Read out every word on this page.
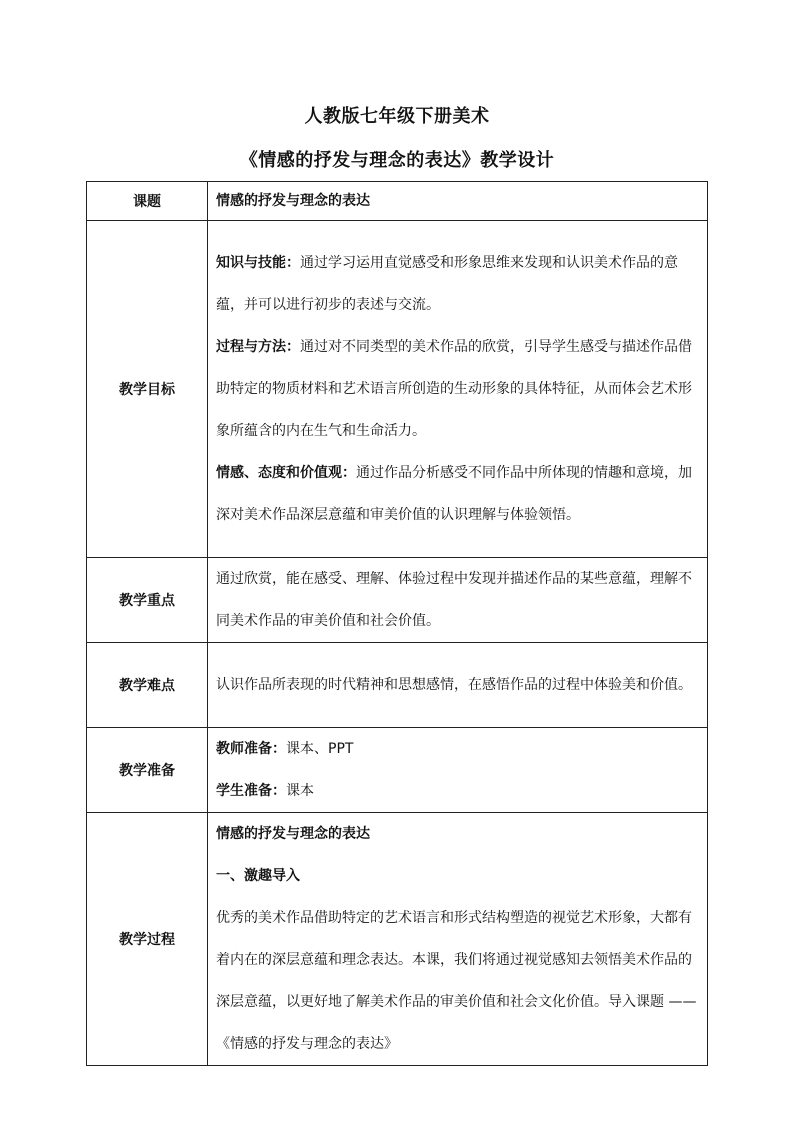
人教版七年级下册美术
《情感的抒发与理念的表达》教学设计
课题	情感的抒发与理念的表达
教学目标	知识与技能：通过学习运用直觉感受和形象思维来发现和认识美术作品的意蕴，并可以进行初步的表述与交流。

过程与方法：通过对不同类型的美术作品的欣赏，引导学生感受与描述作品借助特定的物质材料和艺术语言所创造的生动形象的具体特征，从而体会艺术形象所蕴含的内在生气和生命活力。

情感、态度和价值观：通过作品分析感受不同作品中所体现的情趣和意境，加深对美术作品深层意蕴和审美价值的认识理解与体验领悟。

教学重点	通过欣赏，能在感受、理解、体验过程中发现并描述作品的某些意蕴，理解不同美术作品的审美价值和社会价值。
教学难点	认识作品所表现的时代精神和思想感情，在感悟作品的过程中体验美和价值。
教学准备	教师准备：课本、PPT

学生准备：课本

教学过程	情感的抒发与理念的表达

一、激趣导入

优秀的美术作品借助特定的艺术语言和形式结构塑造的视觉艺术形象，大都有着内在的深层意蕴和理念表达。本课，我们将通过视觉感知去领悟美术作品的深层意蕴，以更好地了解美术作品的审美价值和社会文化价值。导入课题 ——《情感的抒发与理念的表达》
